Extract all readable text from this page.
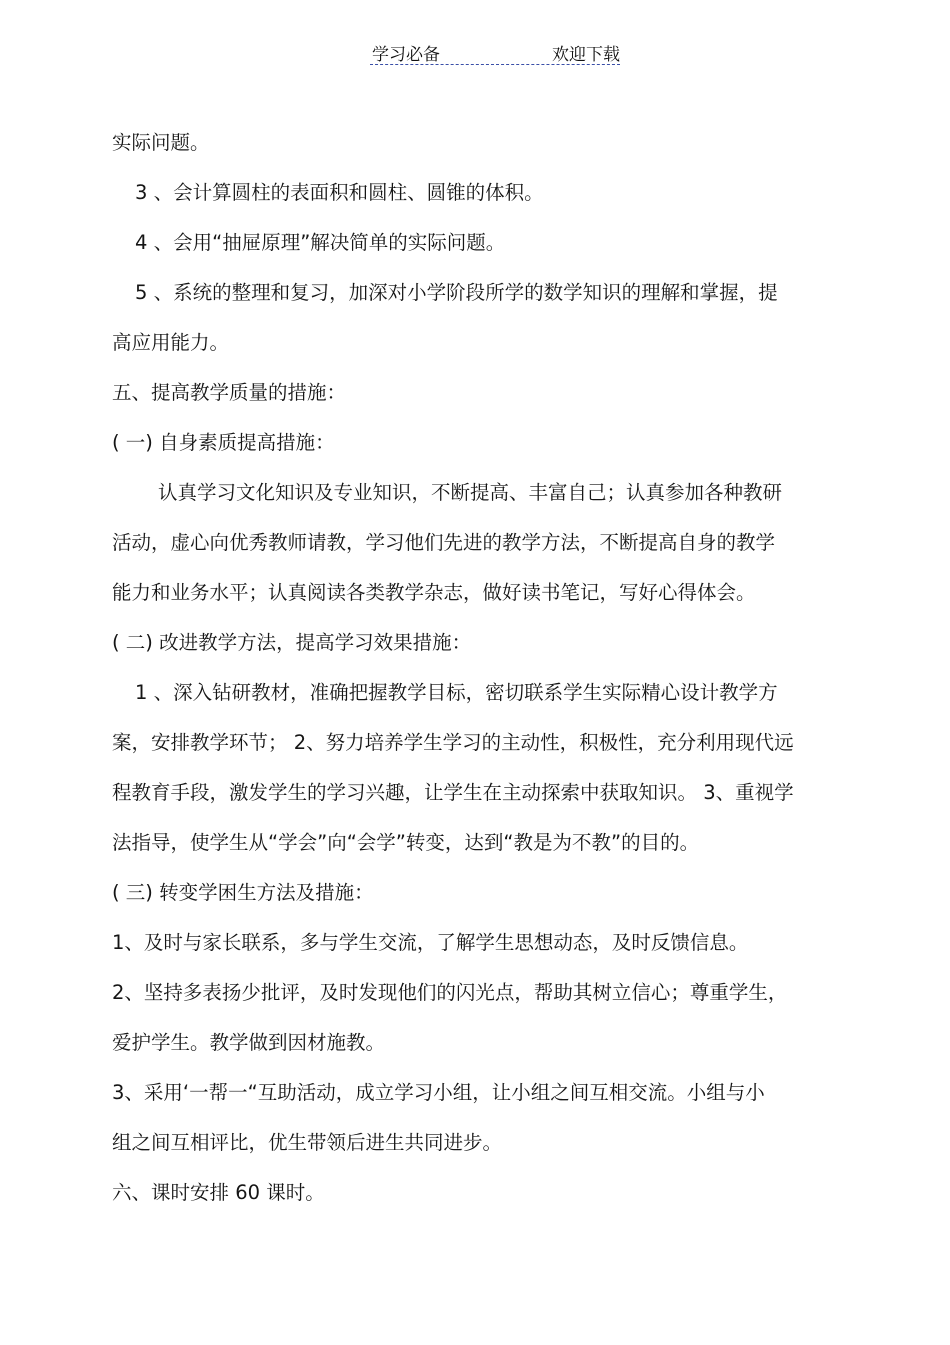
学习必备	欢迎下载
实际问题。
3 、会计算圆柱的表面积和圆柱、圆锥的体积。
4 、会用“抽屉原理”解决简单的实际问题。
5 、系统的整理和复习，加深对小学阶段所学的数学知识的理解和掌握，提
高应用能力。
五、提高教学质量的措施：
( 一) 自身素质提高措施：
认真学习文化知识及专业知识，不断提高、丰富自己；认真参加各种教研
活动，虚心向优秀教师请教，学习他们先进的教学方法，不断提高自身的教学
能力和业务水平；认真阅读各类教学杂志，做好读书笔记，写好心得体会。
( 二) 改进教学方法，提高学习效果措施：
1 、深入钻研教材，准确把握教学目标，密切联系学生实际精心设计教学方
案，安排教学环节； 2、努力培养学生学习的主动性，积极性，充分利用现代远
程教育手段，激发学生的学习兴趣，让学生在主动探索中获取知识。 3、重视学
法指导，使学生从“学会”向“会学”转变，达到“教是为不教”的目的。
( 三) 转变学困生方法及措施：
1、及时与家长联系，多与学生交流，了解学生思想动态，及时反馈信息。
2、坚持多表扬少批评，及时发现他们的闪光点，帮助其树立信心；尊重学生，
爱护学生。教学做到因材施教。
3、采用‘一帮一“互助活动，成立学习小组，让小组之间互相交流。小组与小
组之间互相评比，优生带领后进生共同进步。
六、课时安排 60 课时。
